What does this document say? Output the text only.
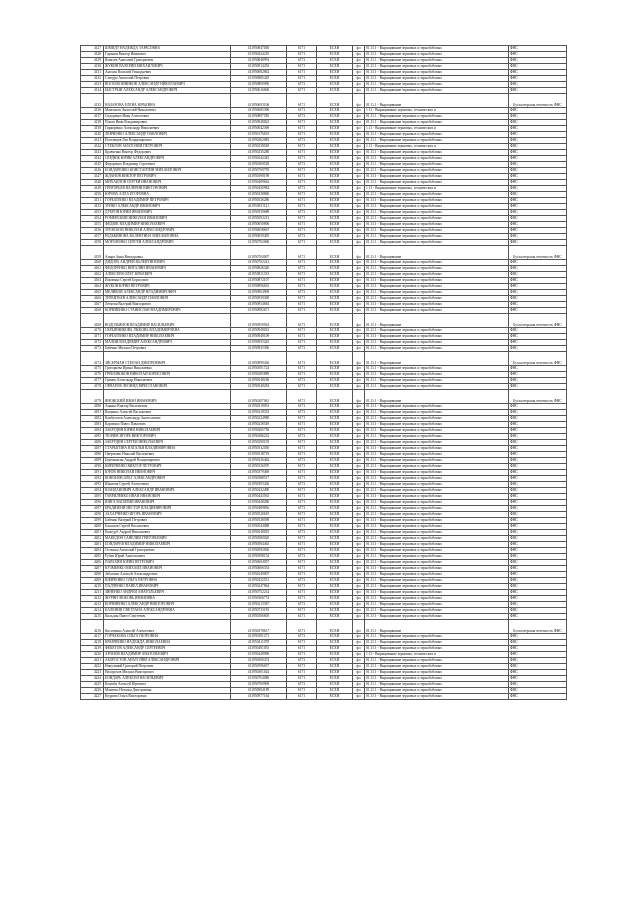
4127	ШМИДТ НАДЕЖДА ТАРАСОВНА	4119508470З0	6171	ЕСХН	фл	01.11.1 - Выращивание зерновых и зернобобовых	ФНС
4128	Гаранин Виктор Иванович	4119504242З5	6171	ЕСХН	фл	01.11.1 - Выращивание зерновых и зернобобовых	ФНС
4129	Ковалев Анатолий Григорьевич	411950848993	6171	ЕСХН	фл	01.11.1 - Выращивание зерновых и зернобобовых	ФНС
4130	ЖУКИН ВАЛЕРИЙ МИХАЙЛОВИЧ	411950914292	6171	ЕСХН	фл	01.11.1 - Выращивание зерновых и зернобобовых	ФНС
4131	Анохин Василий Геннадьевич	411950082862	6171	ЕСХН	фл	01.11.1 - Выращивание зерновых и зернобобовых	ФНС
4132	Стецура Анатолий Петрович	411950985425	6171	ЕСХН	фл	01.11.1 - Выращивание зерновых и зернобобовых	ФНС
4133	ВОСКОБОЙНИКОВ АЛЕКСАНДР НИКОЛАЕВИЧ	411950800090	6171	ЕСХН	фл	01.11.1 - Выращивание зерновых и зернобобовых	ФНС
4134	БЫСТРЫЙ АЛЕКСАНДР АЛЕКСАНДРОВИЧ	411950616606	6171	ЕСХН	фл	01.11.1 - Выращивание зерновых и зернобобовых	ФНС
4135	НАЗАРОВА ЕЛЕНА ЮРЬЕВНА	411950693106	6171	ЕСХН	фл	01.11.1 - Выращивание	Бухгалтерская отчетность ФНС

4136	Мамонтов Анатолий Николаевич	411950685396	6171	ЕСХН	фл	1.11 - Выращивание зерновых, технических и	ФНС
4137	Сидоренко Иван Алексеевич	411950897585	6171	ЕСХН	фл	01.11.1 - Выращивание зерновых и зернобобовых	ФНС
4138	Попов Иван Владимирович	411950928822	6171	ЕСХН	фл	01.11.1 - Выращивание зерновых и зернобобовых	ФНС
4139	Гиркоренко Александр Николаевич	411950042369	6171	ЕСХН	фл	1.11 - Выращивание зерновых, технических и	ФНС
4140	ЛЕВЧЕНКО АЛЕКСАНДР ПАВЛОВИЧ	411950176635	6171	ЕСХН	фл	01.11.1 - Выращивание зерновых и зернобобовых	ФНС
4141	Полтавцев Лев Владимирович	411950262085	6171	ЕСХН	фл	01.11.1 - Выращивание зерновых и зернобобовых	ФНС
4142	СТЕКЛОВ АНАТОЛИЙ ПЕТРОВИЧ	411950238549	6171	ЕСХН	фл	1.11 - Выращивание зерновых, технических и	ФНС
4143	Кравченко Виктор Федорович	411950235280	6171	ЕСХН	фл	01.11.1 - Выращивание зерновых и зернобобовых	ФНС
4144	СЕРДЮК ЮРИЙ АЛЕКСАНДРОВИЧ	411950242345	6171	ЕСХН	фл	01.11.1 - Выращивание зерновых и зернобобовых	ФНС
4145	Федоренко Владимир Сергеевич	411950269528	6171	ЕСХН	фл	01.11.1 - Выращивание зерновых и зернобобовых	ФНС
4146	БОНДАРЕНКО КОНСТАНТИН МИХАЙЛОВИЧ	411950769795	6171	ЕСХН	фл	01.11.1 - Выращивание зерновых и зернобобовых	ФНС
4147	ЖДАНОВ ВИКТОР ПЕТРОВИЧ	411950398198	6171	ЕСХН	фл	01.11.1 - Выращивание зерновых и зернобобовых	ФНС
4148	МИХАЙЛОВ СЕРГЕЙ ИВАНОВИЧ	411950409662	6171	ЕСХН	фл	01.11.1 - Выращивание зерновых и зернобобовых	ФНС
4149	ГРИГОРЬЕВ ВАЛЕРИЙ ВИКТОРОВИЧ	411950450982	6171	ЕСХН	фл	1.11 - Выращивание зерновых, технических и	ФНС
4150	ЮРОВА АЛЛА ЕГОРОВНА	411950438860	6171	ЕСХН	фл	01.11.1 - Выращивание зерновых и зернобобовых	ФНС
4151	ГОРБАТЕНКО ВЛАДИМИР ПЕТРОВИЧ	411950526280	6171	ЕСХН	фл	01.11.1 - Выращивание зерновых и зернобобовых	ФНС
4152	ЗУЙКО АЛЕКСАНДР ИВАНОВИЧ	411950531121	6171	ЕСХН	фл	01.11.1 - Выращивание зерновых и зернобобовых	ФНС
4153	ДУБРОВ ЮРИЙ ИВАНОВИЧ	411950539688	6171	ЕСХН	фл	01.11.1 - Выращивание зерновых и зернобобовых	ФНС
4154	РОМЕНСКИЙ НИКОЛАЙ ИВАНОВИЧ	411950593213	6171	ЕСХН	фл	01.11.1 - Выращивание зерновых и зернобобовых	ФНС
4155	ФЕДЮК ВЛАДИМИР НИКОЛАЕВИЧ	411950650806	6171	ЕСХН	фл	01.11.1 - Выращивание зерновых и зернобобовых	ФНС
4156	ЗУЕВСКОЙ НИКОЛАЙ АЛЕКСАНДРОВИЧ	411950658667	6171	ЕСХН	фл	01.11.1 - Выращивание зерновых и зернобобовых	ФНС
4157	РАДЬКИНОВА ВАЛЕНТИНА МИХАЙЛОВНА	411950659495	6171	ЕСХН	фл	01.11.1 - Выращивание зерновых и зернобобовых	ФНС
4158	МОРОЗЕНКО СЕРГЕЙ АЛЕКСАНДРОВИЧ	411950702060	6171	ЕСХН	фл	01.11.1 - Выращивание зерновых и зернобобовых	ФНС
4159	Амара Анна Викторовна	411950704007	6171	ЕСХН	фл	01.11.1 - Выращивание	Бухгалтерская отчетность ФНС

4160	ДИДОРА АНДРЕЙ ВАЛЕНТИНОВИЧ	411950702241	6171	ЕСХН	фл	01.11.1 - Выращивание зерновых и зернобобовых	ФНС
4161	ФЕДОРЕНКО ВИТАЛИЙ ИВАНОВИЧ	411950826320	6171	ЕСХН	фл	01.11.1 - Выращивание зерновых и зернобобовых	ФНС
4162	АЛЕКСЕЕВ ОЛЕГ ЮРЬЕВИЧ	411950811335	6171	ЕСХН	фл	01.11.1 - Выращивание зерновых и зернобобовых	ФНС
4163	Ильченко Сергей Борисович	411950872107	6171	ЕСХН	фл	01.11.1 - Выращивание зерновых и зернобобовых	ФНС
4164	ЖУКОВ ЮРИЙ ПЕТРОВИЧ	411950896633	6171	ЕСХН	фл	01.11.1 - Выращивание зерновых и зернобобовых	ФНС
4165	МЕЛИКОВ АЛЕКСАНДР ВЛАДИМИРОВИЧ	411950904909	6171	ЕСХН	фл	01.11.1 - Выращивание зерновых и зернобобовых	ФНС
4166	ТЕРЕНТЬЕВ АЛЕКСАНДР ПАВЛОВИЧ	411950939300	6171	ЕСХН	фл	01.11.1 - Выращивание зерновых и зернобобовых	ФНС
4167	Летягин Валерий Викторович	411950954684	6171	ЕСХН	фл	01.11.1 - Выращивание зерновых и зернобобовых	ФНС
4168	КОРНИЕНКО СТАНИСЛАВ ВЛАДИМИРОВИЧ	411950982671	6171	ЕСХН	фл	01.11.1 - Выращивание зерновых и зернобобовых	ФНС
4169	ВОДОЛЬЯНОВ ВЛАДИМИР ВАСИЛЬЕВИЧ	411950959924	6171	ЕСХН	фл	01.11.1 - Выращивание	Бухгалтерская отчетность ФНС

4170	СКРЫПНИКОВА ЛЮБОВЬ ВЛАДИМИРОВНА	411950949023	6171	ЕСХН	фл	01.11.1 - Выращивание зерновых и зернобобовых	ФНС
4171	ГОРБАТЕНКО ВЛАДИМИР НИКОЛАЕВИЧ	411950948109	6171	ЕСХН	фл	01.11.1 - Выращивание зерновых и зернобобовых	ФНС
4172	МАЛИЙ ВЛАДИМИР АЛЕКСАНДРОВИЧ	411950955425	6171	ЕСХН	фл	01.11.1 - Выращивание зерновых и зернобобовых	ФНС
4173	Бабенко Михаил Петрович	411950935396	6171	ЕСХН	фл	01.11.1 - Выращивание зерновых и зернобобовых	ФНС
4174	ЗИСЕРМАН СТЕПАН ДМИТРИЕВИЧ	411950999436	6171	ЕСХН	фл	01.11.1 - Выращивание	Бухгалтерская отчетность ФНС

4175	Григорьева Ирина Николаевна	411950501724	6171	ЕСХН	фл	01.11.1 - Выращивание зерновых и зернобобовых	ФНС
4176	ГРЕБЕНЮКОВ НИКОЛАЙ БОРИСОВИЧ	411950285889	6171	ЕСХН	фл	01.11.1 - Выращивание зерновых и зернобобовых	ФНС
4177	Гринев Александр Николаевич	411950548186	6171	ЕСХН	фл	01.11.1 - Выращивание зерновых и зернобобовых	ФНС
4178	ОВЧАРОВ ЛЕОНИД ВЯЧЕСЛАВОВИЧ	411950548284	6171	ЕСХН	фл	01.11.1 - Выращивание зерновых и зернобобовых	ФНС
4179	ЯНОВСКИЙ ИВАН ИВАНОВИЧ	411950207061	6171	ЕСХН	фл	01.11.1 - Выращивание	Бухгалтерская отчетность ФНС

4180	Ананко Виктор Васильевич	411950318053	6171	ЕСХН	фл	01.11.1 - Выращивание зерновых и зернобобовых	ФНС
4181	Ващенко Алексей Васильевич	411950218333	6171	ЕСХН	фл	01.11.1 - Выращивание зерновых и зернобобовых	ФНС
4182	Каибулатов Александр Анатольевич	411950224980	6171	ЕСХН	фл	01.11.1 - Выращивание зерновых и зернобобовых	ФНС
4183	Карпенко Павел Павлович	411950238549	6171	ЕСХН	фл	01.11.1 - Выращивание зерновых и зернобобовых	ФНС
4184	ЗАБРУДИН ЮРИЙ НИКОЛАЕВИЧ	411950265750	6171	ЕСХН	фл	01.11.1 - Выращивание зерновых и зернобобовых	ФНС
4185	ТКАЧЕВ ИГОРЬ ВИКТОРОВИЧ	411950286232	6171	ЕСХН	фл	01.11.1 - Выращивание зерновых и зернобобовых	ФНС
4186	ЗАБРУДИН СЕРГЕЙ НИКОЛАЕВИЧ	411950290195	6171	ЕСХН	фл	01.11.1 - Выращивание зерновых и зернобобовых	ФНС
4187	СТАРЫГИНА НАТАЛЬЯ ВЛАДИМИРОВНА	411950312030	6171	ЕСХН	фл	01.11.1 - Выращивание зерновых и зернобобовых	ФНС
4188	Оверченко Николай Васильевич	411950318719	6171	ЕСХН	фл	01.11.1 - Выращивание зерновых и зернобобовых	ФНС
4189	Бережнягин Андрей Владимирович	411950326462	6171	ЕСХН	фл	01.11.1 - Выращивание зерновых и зернобобовых	ФНС
4190	КИРИЧЕНКО ВИКТОР ПЕТРОВИЧ	411950336070	6171	ЕСХН	фл	01.11.1 - Выращивание зерновых и зернобобовых	ФНС
4191	ЮРОВ НИКОЛАЙ ИВАНОВИЧ	411950379469	6171	ЕСХН	фл	01.11.1 - Выращивание зерновых и зернобобовых	ФНС
4192	КОНОНОВ ОЛЕГ АЛЕКСАНДРОВИЧ	411950388517	6171	ЕСХН	фл	01.11.1 - Выращивание зерновых и зернобобовых	ФНС
4193	Шкатова Сергей Алексеевич	411950393436	6171	ЕСХН	фл	01.11.1 - Выращивание зерновых и зернобобовых	ФНС
4194	ШАИДАНОВИЧ АЛЕКСАНДР ИВАНОВИЧ	411950432490	6171	ЕСХН	фл	01.11.1 - Выращивание зерновых и зернобобовых	ФНС
4195	ГАВРИЛЕНКО ИВАН ИВАНОВИЧ	411950443563	6171	ЕСХН	фл	01.11.1 - Выращивание зерновых и зернобобовых	ФНС
4196	ШИГА ВАСИЛИЙ ИВАНОВИЧ	411950448286	6171	ЕСХН	фл	01.11.1 - Выращивание зерновых и зернобобовых	ФНС
4197	БРАДИЗЕНИ НЕСТОР ВЛАДИМИРОВИЧ	411950489856	6171	ЕСХН	фл	01.11.1 - Выращивание зерновых и зернобобовых	ФНС
4198	ЗАХАРЧЕНКО ИГОРЬ ИВАНОВИЧ	411950520619	6171	ЕСХН	фл	01.11.1 - Выращивание зерновых и зернобобовых	ФНС
4199	Бабенко Валерий Петрович	411950528598	6171	ЕСХН	фл	01.11.1 - Выращивание зерновых и зернобобовых	ФНС
4200	Баскатов Сергей Васильевич	411950544088	6171	ЕСХН	фл	01.11.1 - Выращивание зерновых и зернобобовых	ФНС
4201	Кожедуб Андрей Николаевич	411950548055	6171	ЕСХН	фл	01.11.1 - Выращивание зерновых и зернобобовых	ФНС
4202	МАКЕДОН САВЕЛИЙ ГРИГОРЬЕВИЧ	411950580020	6171	ЕСХН	фл	01.11.1 - Выращивание зерновых и зернобобовых	ФНС
4203	БОНДАРЕВ ВЛАДИМИР НИКОЛАЕВИЧ	411950584463	6171	ЕСХН	фл	01.11.1 - Выращивание зерновых и зернобобовых	ФНС
4204	Осташко Анатолий Григорьевич	411950592036	6171	ЕСХН	фл	01.11.1 - Выращивание зерновых и зернобобовых	ФНС
4205	Рубан Юрий Анатольевич	411950598154	6171	ЕСХН	фл	01.11.1 - Выращивание зерновых и зернобобовых	ФНС
4206	ПАРАХИН ЮРИЙ ПЕТРОВИЧ	411950604057	6171	ЕСХН	фл	01.11.1 - Выращивание зерновых и зернобобовых	ФНС
4207	КУЗМЕНКО МИХАИЛ ИВАНОВИЧ	411950606354	6171	ЕСХН	фл	01.11.1 - Выращивание зерновых и зернобобовых	ФНС
4208	Заботкин Алексей Александрович	411950249007	6171	ЕСХН	фл	01.11.1 - Выращивание зерновых и зернобобовых	ФНС
4209	ШЕВЧЕНКО ОЛЬГА ПЕТРОВНА	411950252551	6171	ЕСХН	фл	01.11.1 - Выращивание зерновых и зернобобовых	ФНС
4210	ПАДЧЕНКО ПАВЕЛ ИВАНОВИЧ	411950247864	6171	ЕСХН	фл	01.11.1 - Выращивание зерновых и зернобобовых	ФНС
4211	ЗИНЕНКО АНДРЕЙ АНАТОЛЬЕВИЧ	411950752214	6171	ЕСХН	фл	01.11.1 - Выращивание зерновых и зернобобовых	ФНС
4212	ЖУРИН ЛЮБОВЬ ИВАНОВНА	411950366774	6171	ЕСХН	фл	01.11.1 - Выращивание зерновых и зернобобовых	ФНС
4213	КОРНИЕНКО АЛЕКСАНДР ВИКТОРОВИЧ	411950213367	6171	ЕСХН	фл	01.11.1 - Выращивание зерновых и зернобобовых	ФНС
4214	КАЛЕНИК СВЕТЛАНА АЛЕКСАНДРОВНА	411950733183	6171	ЕСХН	фл	01.11.1 - Выращивание зерновых и зернобобовых	ФНС
4215	Кильдин Павел Сергеевич	411950306605	6171	ЕСХН	фл	01.11.1 - Выращивание зерновых и зернобобовых	ФНС
4216	Кисиченко Алексей Алексеевич	411950378617	6171	ЕСХН	фл	01.11.1 - Выращивание	Бухгалтерская отчетность ФНС

4217	ГОРЧАКОВА ОЛЬГА ПЕТРОВНА	411950381271	6171	ЕСХН	фл	01.11.1 - Выращивание зерновых и зернобобовых	ФНС
4218	КРАВЧЕНКО НАДЕЖДА НИКОЛАЕВНА	411950411078	6171	ЕСХН	фл	01.11.1 - Выращивание зерновых и зернобобовых	ФНС
4219	ФЕКЕТОВ АЛЕКСАНДР СЕРГЕЕВИЧ	411950481053	6171	ЕСХН	фл	01.11.1 - Выращивание зерновых и зернобобовых	ФНС
4220	АРОНОВ ВЛАДИМИР АНАТОЛЬЕВИЧ	411950448096	6171	ЕСХН	фл	1.11 - Выращивание зерновых, технических и	ФНС
4221	АБОРОСТОВ АНАТОЛИЙ АЛЕКСАНДРОВИЧ	411950506474	6171	ЕСХН	фл	01.11.1 - Выращивание зерновых и зернобобовых	ФНС
4222	Никулиний Григорий Петрович	411950596657	6171	ЕСХН	фл	01.11.1 - Выращивание зерновых и зернобобовых	ФНС
4223	Нахорохов Михаил Викторович	411950301024	6171	ЕСХН	фл	01.11.1 - Выращивание зерновых и зернобобовых	ФНС
4224	БОНДАРЬ АЛЕКСЕЙ ВАСИЛЬЕВИЧ	411950704086	6171	ЕСХН	фл	01.11.1 - Выращивание зерновых и зернобобовых	ФНС
4225	Коцюба Алексей Юрьевич	411950769969	6171	ЕСХН	фл	01.11.1 - Выращивание зерновых и зернобобовых	ФНС
4226	Манечко Наталья Дмитриевна	411950904189	6171	ЕСХН	фл	01.11.1 - Выращивание зерновых и зернобобовых	ФНС
4227	Кедрова Ольга Викторовна	411950977164	6171	ЕСХН	фл	01.11.1 - Выращивание зерновых и зернобобовых	ФНС
